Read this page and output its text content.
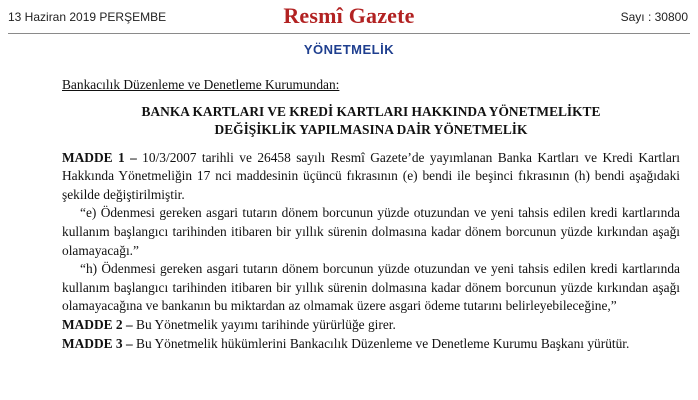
13 Haziran 2019 PERŞEMBE	Resmî Gazete	Sayı : 30800
YÖNETMELİK

Bankacılık Düzenleme ve Denetleme Kurumundan:

BANKA KARTLARI VE KREDİ KARTLARI HAKKINDA YÖNETMELİKTE
DEĞİŞİKLİK YAPILMASINA DAİR YÖNETMELİK

MADDE 1 – 10/3/2007 tarihli ve 26458 sayılı Resmî Gazete’de yayımlanan Banka Kartları ve Kredi Kartları Hakkında Yönetmeliğin 17 nci maddesinin üçüncü fıkrasının (e) bendi ile beşinci fıkrasının (h) bendi aşağıdaki şekilde değiştirilmiştir.

“e) Ödenmesi gereken asgari tutarın dönem borcunun yüzde otuzundan ve yeni tahsis edilen kredi kartlarında kullanım başlangıcı tarihinden itibaren bir yıllık sürenin dolmasına kadar dönem borcunun yüzde kırkından aşağı olamayacağı.”

“h) Ödenmesi gereken asgari tutarın dönem borcunun yüzde otuzundan ve yeni tahsis edilen kredi kartlarında kullanım başlangıcı tarihinden itibaren bir yıllık sürenin dolmasına kadar dönem borcunun yüzde kırkından aşağı olamayacağına ve bankanın bu miktardan az olmamak üzere asgari ödeme tutarını belirleyebileceğine,”

MADDE 2 – Bu Yönetmelik yayımı tarihinde yürürlüğe girer.

MADDE 3 – Bu Yönetmelik hükümlerini Bankacılık Düzenleme ve Denetleme Kurumu Başkanı yürütür.
